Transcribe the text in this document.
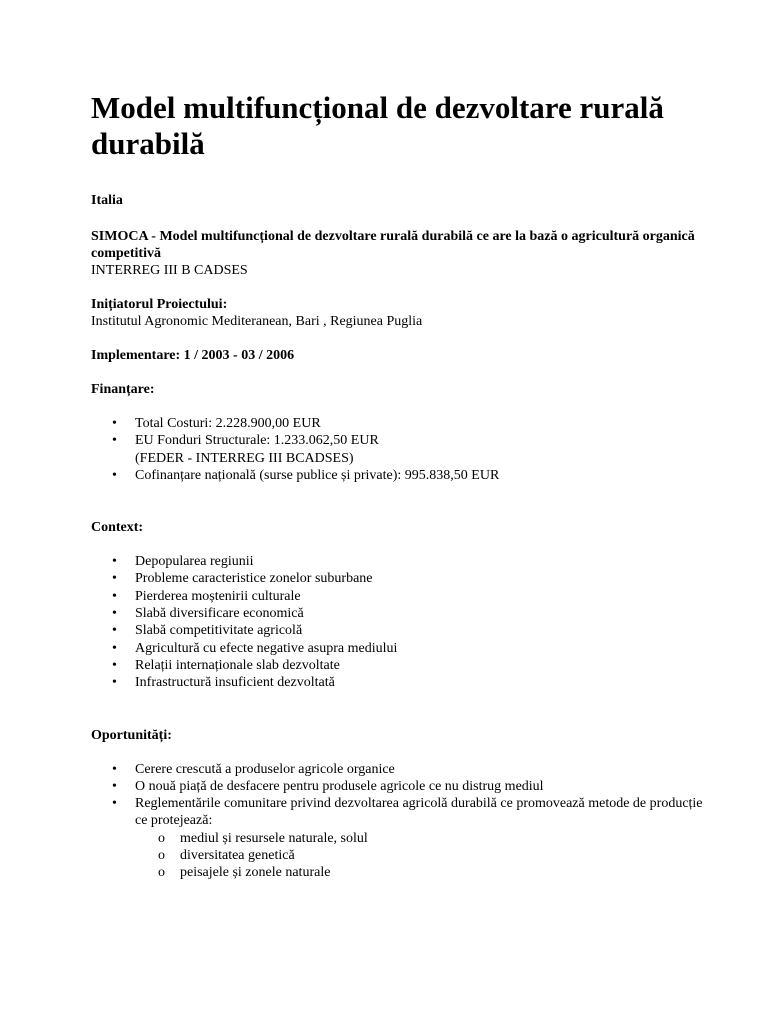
Model multifuncțional de dezvoltare rurală durabilă
Italia
SIMOCA - Model multifuncțional de dezvoltare rurală durabilă ce are la bază o agricultură organică competitivă
INTERREG III B CADSES
Inițiatorul Proiectului:
Institutul Agronomic Mediteranean, Bari , Regiunea Puglia
Implementare: 1 / 2003 - 03 / 2006
Finanțare:
• Total Costuri: 2.228.900,00 EUR
• EU Fonduri Structurale: 1.233.062,50 EUR
(FEDER - INTERREG III BCADSES)
• Cofinanțare națională (surse publice și private): 995.838,50 EUR
Context:
• Depopularea regiunii
• Probleme caracteristice zonelor suburbane
• Pierderea moștenirii culturale
• Slabă diversificare economică
• Slabă competitivitate agricolă
• Agricultură cu efecte negative asupra mediului
• Relații internaționale slab dezvoltate
• Infrastructură insuficient dezvoltată
Oportunități:
• Cerere crescută a produselor agricole organice
• O nouă piață de desfacere pentru produsele agricole ce nu distrug mediul
• Reglementările comunitare privind dezvoltarea agricolă durabilă ce promovează metode de producție ce protejează:
o mediul și resursele naturale, solul
o diversitatea genetică
o peisajele și zonele naturale
